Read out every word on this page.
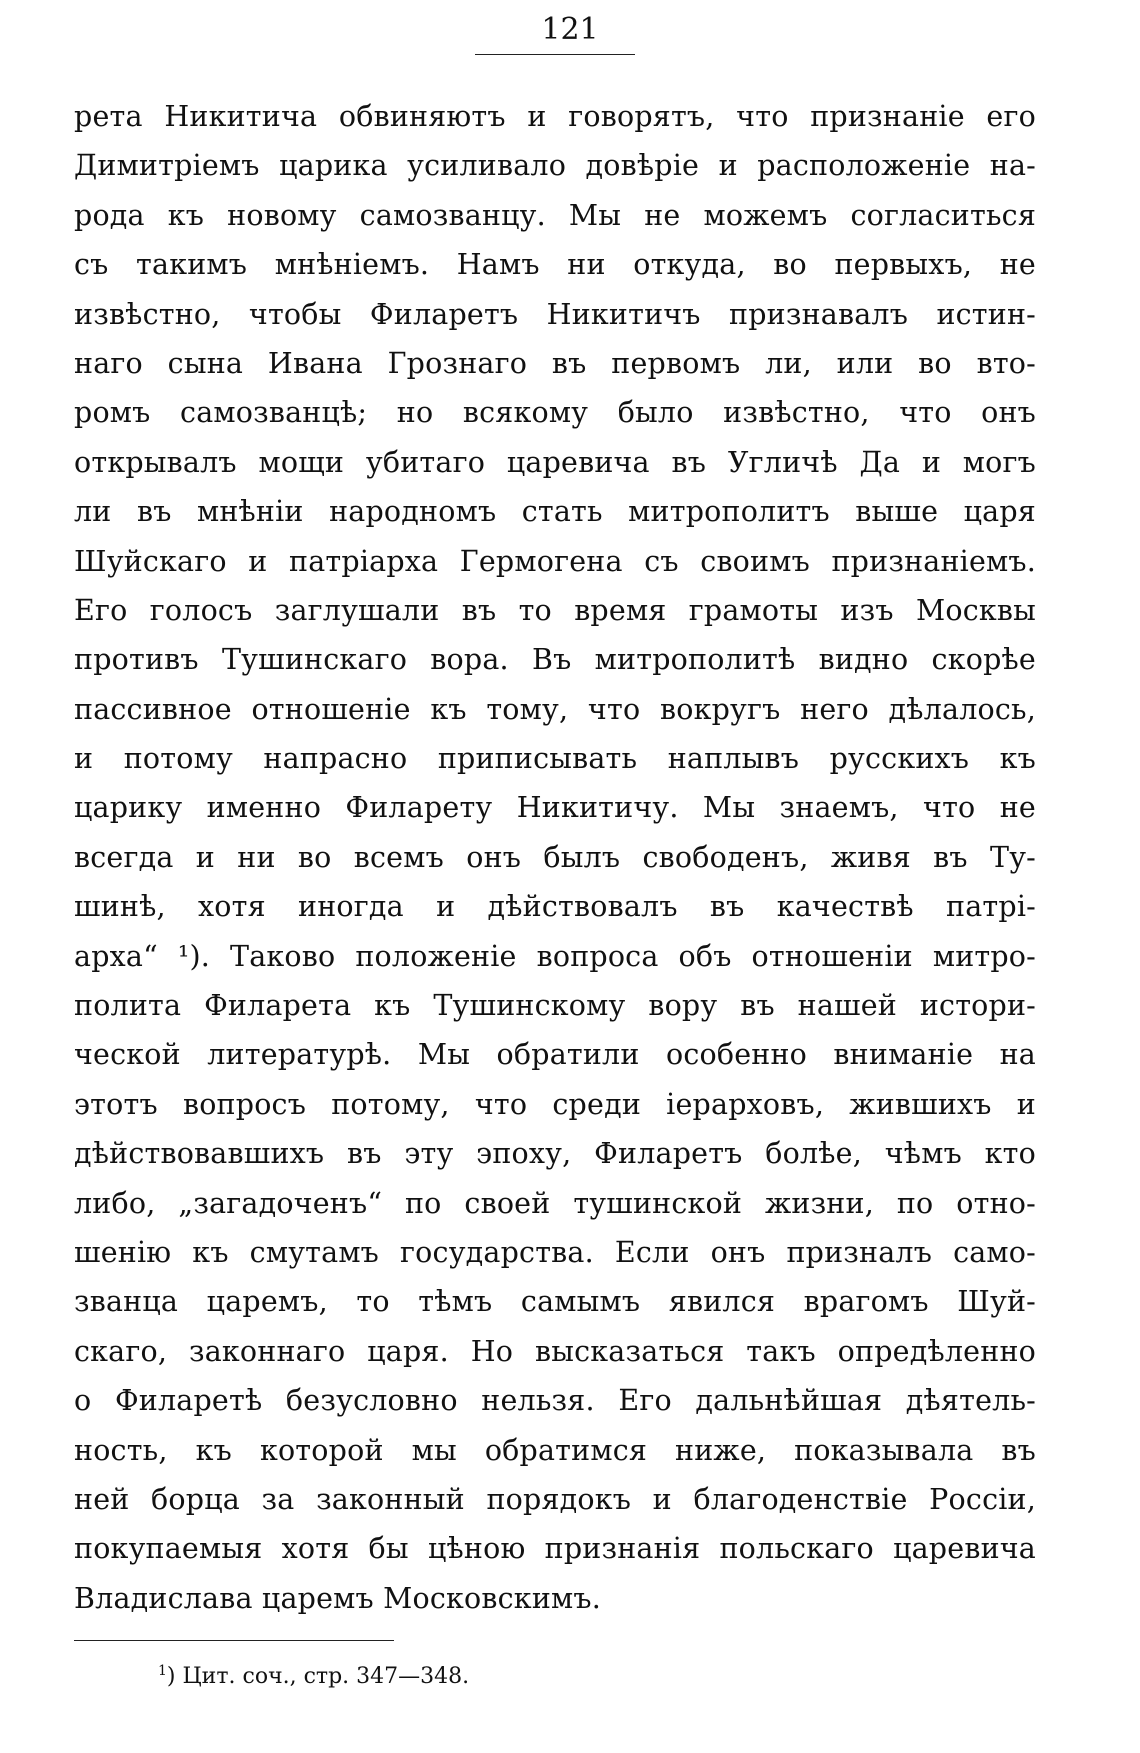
121
рета Никитича обвиняютъ и говорятъ, что признаніе его
Димитріемъ царика усиливало довѣріе и расположеніе на-
рода къ новому самозванцу. Мы не можемъ согласиться
съ такимъ мнѣніемъ. Намъ ни откуда, во первыхъ, не
извѣстно, чтобы Филаретъ Никитичъ признавалъ истин-
наго сына Ивана Грознаго въ первомъ ли, или во вто-
ромъ самозванцѣ; но всякому было извѣстно, что онъ
открывалъ мощи убитаго царевича въ Угличѣ Да и могъ
ли въ мнѣніи народномъ стать митрополитъ выше царя
Шуйскаго и патріарха Гермогена съ своимъ признаніемъ.
Его голосъ заглушали въ то время грамоты изъ Москвы
противъ Тушинскаго вора. Въ митрополитѣ видно скорѣе
пассивное отношеніе къ тому, что вокругъ него дѣлалось,
и потому напрасно приписывать наплывъ русскихъ къ
царику именно Филарету Никитичу. Мы знаемъ, что не
всегда и ни во всемъ онъ былъ свободенъ, живя въ Ту-
шинѣ, хотя иногда и дѣйствовалъ въ качествѣ патрі-
арха“ ¹). Таково положеніе вопроса объ отношеніи митро-
полита Филарета къ Тушинскому вору въ нашей истори-
ческой литературѣ. Мы обратили особенно вниманіе на
этотъ вопросъ потому, что среди іерарховъ, жившихъ и
дѣйствовавшихъ въ эту эпоху, Филаретъ болѣе, чѣмъ кто
либо, „загадоченъ“ по своей тушинской жизни, по отно-
шенію къ смутамъ государства. Если онъ призналъ само-
званца царемъ, то тѣмъ самымъ явился врагомъ Шуй-
скаго, законнаго царя. Но высказаться такъ опредѣленно
о Филаретѣ безусловно нельзя. Его дальнѣйшая дѣятель-
ность, къ которой мы обратимся ниже, показывала въ
ней борца за законный порядокъ и благоденствіе Россіи,
покупаемыя хотя бы цѣною признанія польскаго царевича
Владислава царемъ Московскимъ.
$^1$) Цит. соч., стр. 347—348.
